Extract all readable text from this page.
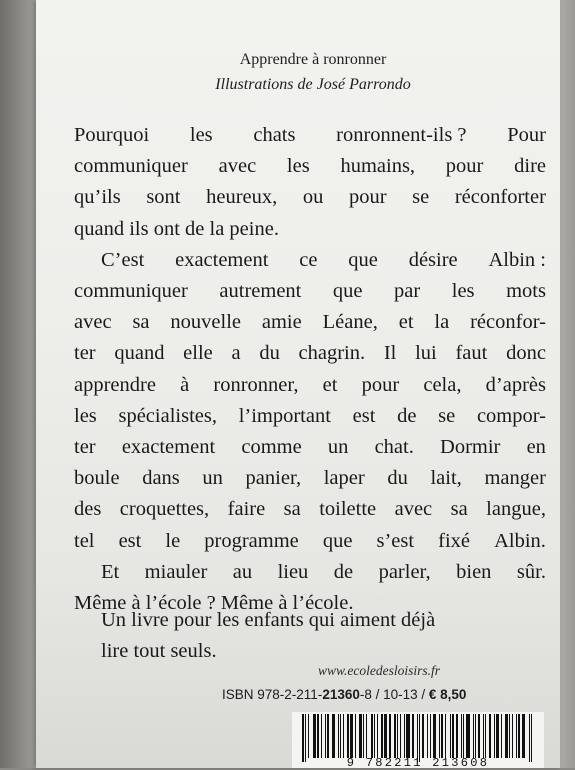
Apprendre à ronronner
Illustrations de José Parrondo
Pourquoi les chats ronronnent-ils ? Pour
communiquer avec les humains, pour dire
qu’ils sont heureux, ou pour se réconforter
quand ils ont de la peine.
C’est exactement ce que désire Albin :
communiquer autrement que par les mots
avec sa nouvelle amie Léane, et la réconfor-
ter quand elle a du chagrin. Il lui faut donc
apprendre à ronronner, et pour cela, d’après
les spécialistes, l’important est de se compor-
ter exactement comme un chat. Dormir en
boule dans un panier, laper du lait, manger
des croquettes, faire sa toilette avec sa langue,
tel est le programme que s’est fixé Albin.
Et miauler au lieu de parler, bien sûr.
Même à l’école ? Même à l’école.
Un livre pour les enfants qui aiment déjà
lire tout seuls.
www.ecoledesloisirs.fr
ISBN 978-2-211-21360-8 / 10-13 / € 8,50
9 782211 213608
